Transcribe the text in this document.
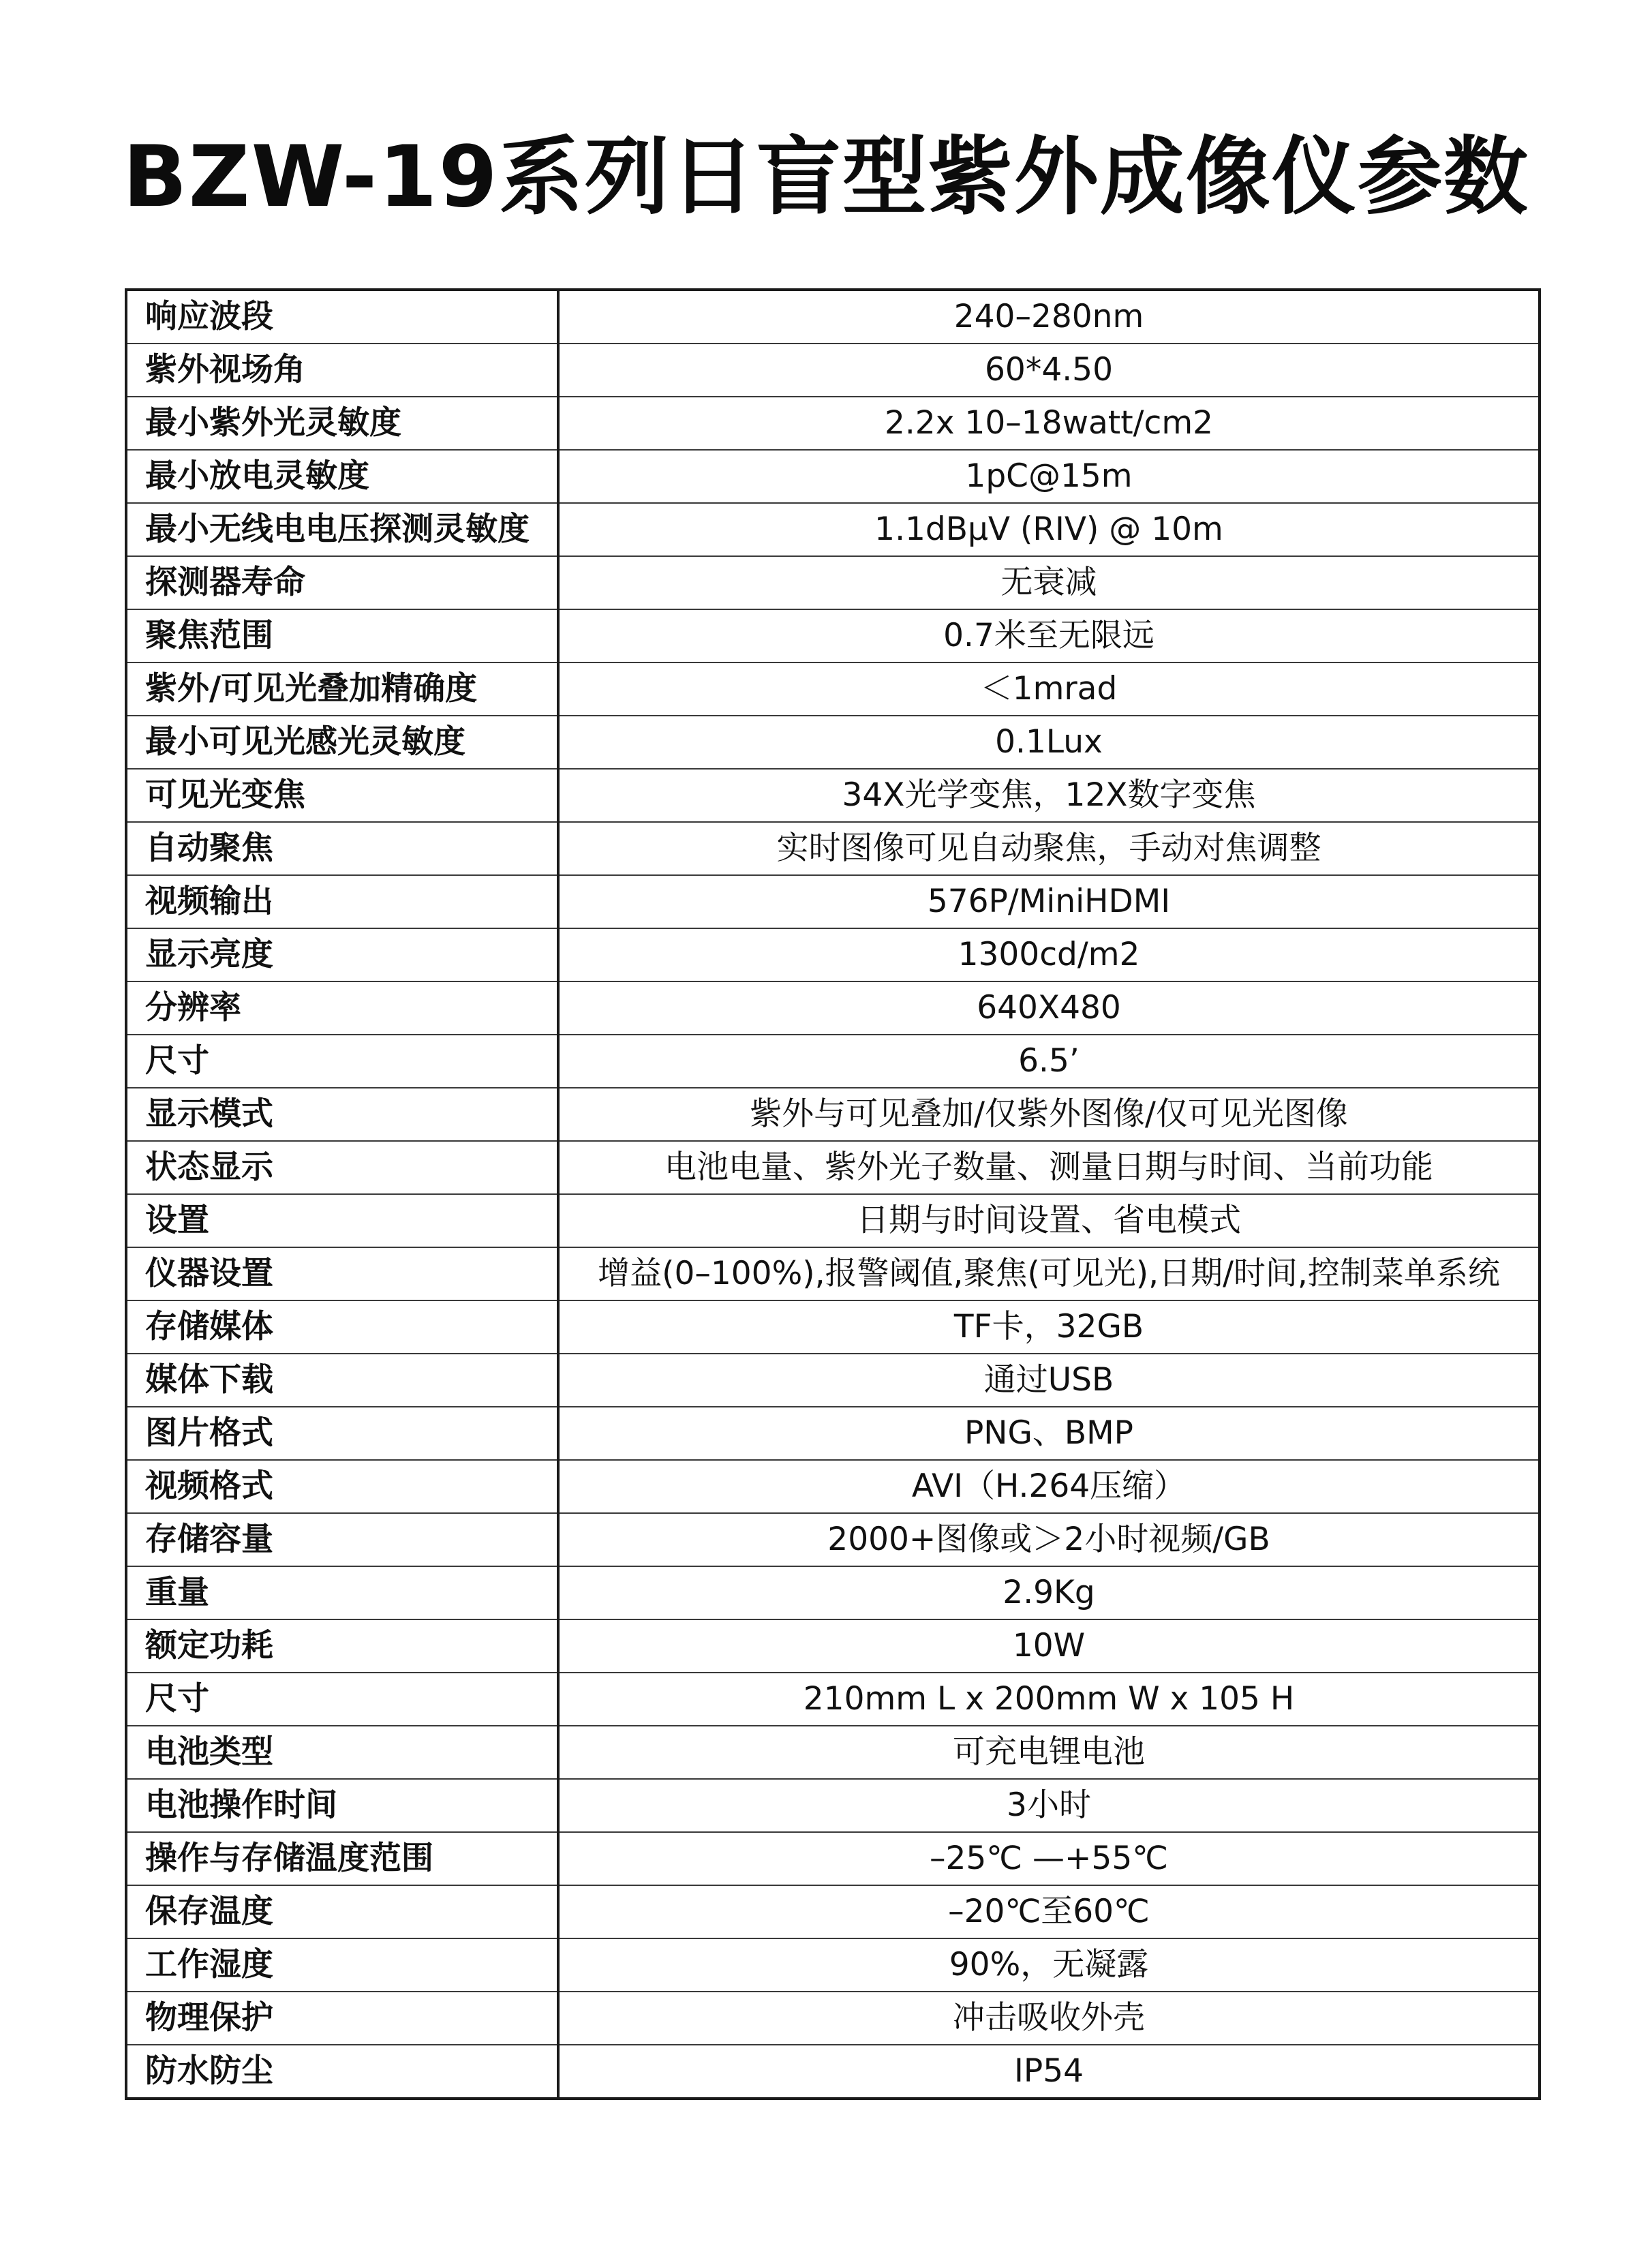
BZW-19系列日盲型紫外成像仪参数
响应波段	240–280nm
紫外视场角	60*4.50
最小紫外光灵敏度	2.2x 10–18watt/cm2
最小放电灵敏度	1pC@15m
最小无线电电压探测灵敏度	1.1dBμV (RIV) @ 10m
探测器寿命	无衰减
聚焦范围	0.7米至无限远
紫外/可见光叠加精确度	＜1mrad
最小可见光感光灵敏度	0.1Lux
可见光变焦	34X光学变焦，12X数字变焦
自动聚焦	实时图像可见自动聚焦，手动对焦调整
视频输出	576P/MiniHDMI
显示亮度	1300cd/m2
分辨率	640X480
尺寸	6.5’
显示模式	紫外与可见叠加/仅紫外图像/仅可见光图像
状态显示	电池电量、紫外光子数量、测量日期与时间、当前功能
设置	日期与时间设置、省电模式
仪器设置	增益(0–100%),报警阈值,聚焦(可见光),日期/时间,控制菜单系统
存储媒体	TF卡，32GB
媒体下载	通过USB
图片格式	PNG、BMP
视频格式	AVI（H.264压缩）
存储容量	2000+图像或＞2小时视频/GB
重量	2.9Kg
额定功耗	10W
尺寸	210mm L x 200mm W x 105 H
电池类型	可充电锂电池
电池操作时间	3小时
操作与存储温度范围	–25℃ —+55℃
保存温度	–20℃至60℃
工作湿度	90%，无凝露
物理保护	冲击吸收外壳
防水防尘	IP54
